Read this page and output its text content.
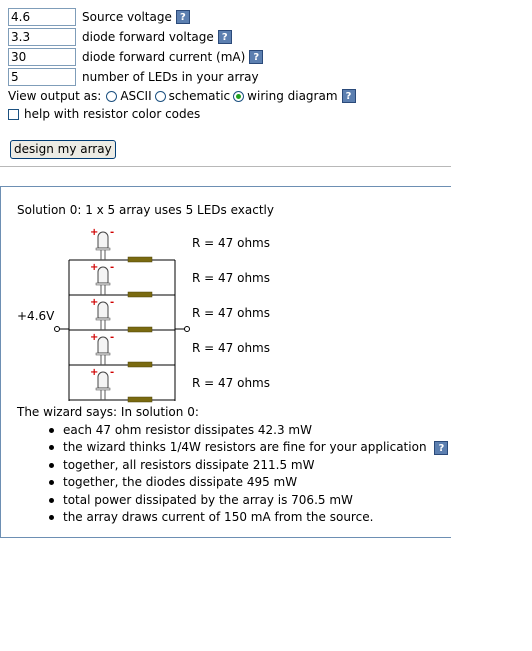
4.6
Source voltage ?
3.3
diode forward voltage ?
30
diode forward current (mA) ?
5
number of LEDs in your array
View output as: ASCII schematic wiring diagram ?
help with resistor color codes
design my array
Solution 0: 1 x 5 array uses 5 LEDs exactly
+ -
+ -
+ -
+ -
+ -
R = 47 ohms
R = 47 ohms
R = 47 ohms
R = 47 ohms
R = 47 ohms
+4.6V
The wizard says: In solution 0:
each 47 ohm resistor dissipates 42.3 mW
the wizard thinks 1/4W resistors are fine for your application ?
together, all resistors dissipate 211.5 mW
together, the diodes dissipate 495 mW
total power dissipated by the array is 706.5 mW
the array draws current of 150 mA from the source.
